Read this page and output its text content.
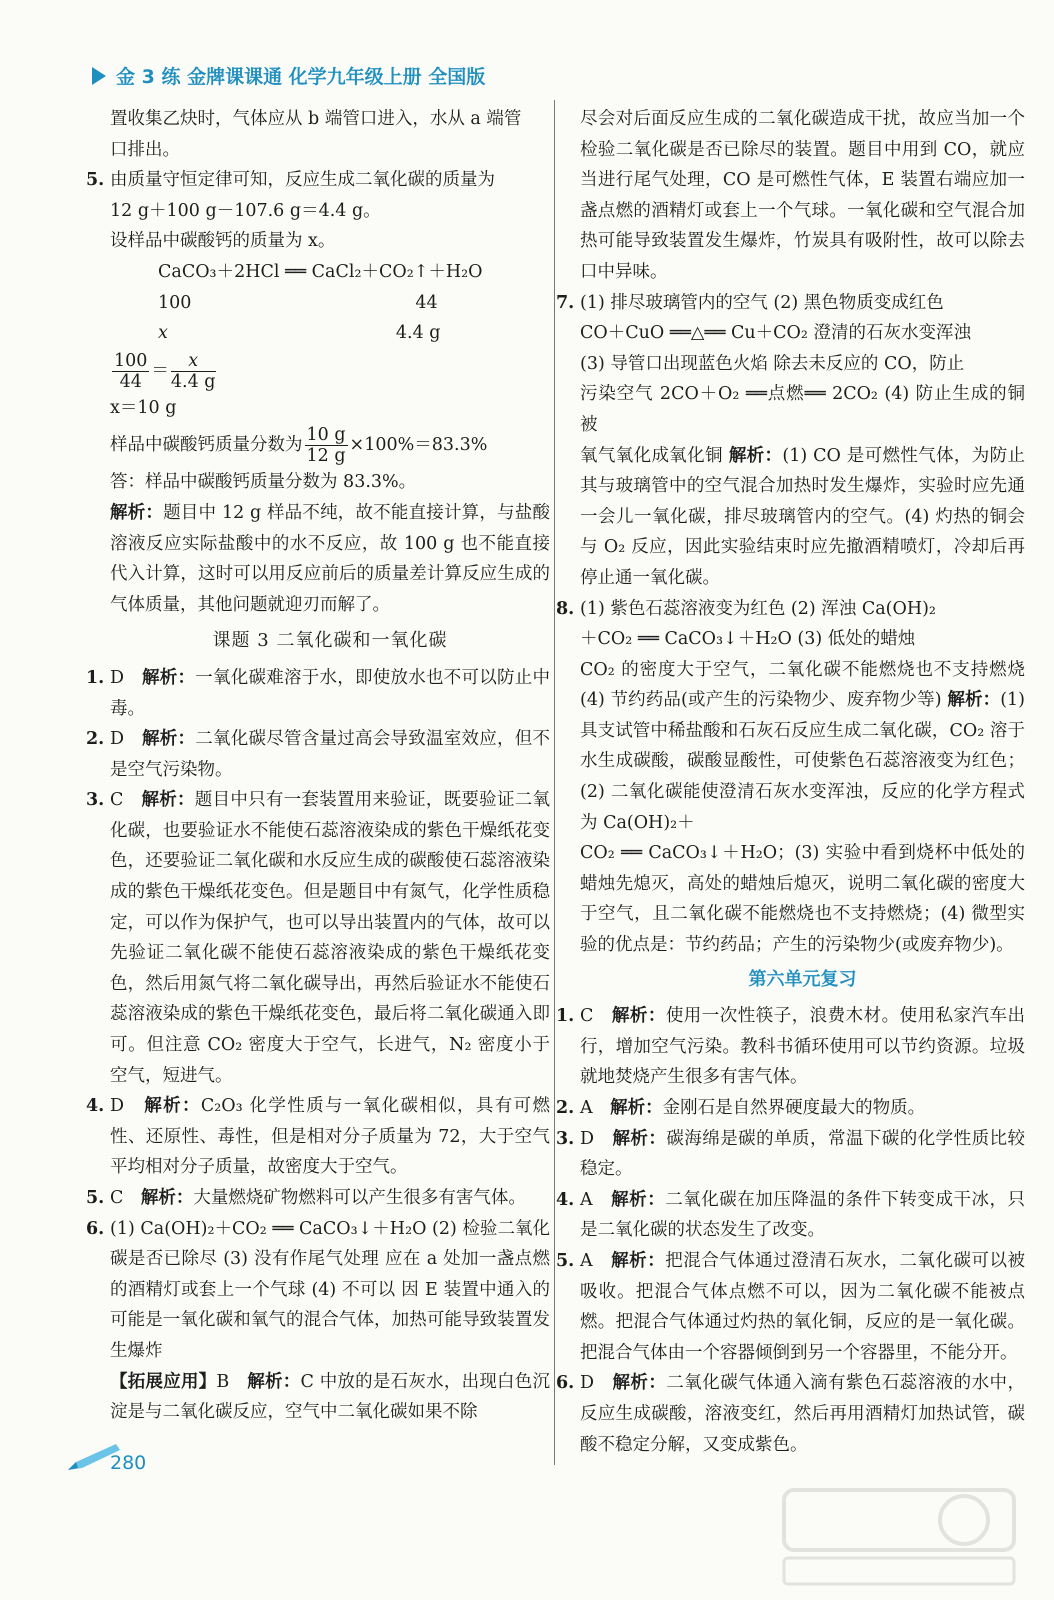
金 3 练 金牌课课通 化学九年级上册 全国版

置收集乙炔时，气体应从 b 端管口进入，水从 a 端管

口排出。

5. 由质量守恒定律可知，反应生成二氧化碳的质量为

12 g＋100 g－107.6 g＝4.4 g。

设样品中碳酸钙的质量为 x。

CaCO₃＋2HCl ══ CaCl₂＋CO₂↑＋H₂O

100	44

x	4.4 g

$\frac{100}{44} = \frac{x}{4.4 g}$

x＝10 g

样品中碳酸钙质量分数为 $\frac{10 g}{12 g} \times 100\%=83.3\%$

答：样品中碳酸钙质量分数为 83.3%。

解析：题目中 12 g 样品不纯，故不能直接计算，与盐酸溶液反应实际盐酸中的水不反应，故 100 g 也不能直接代入计算，这时可以用反应前后的质量差计算反应生成的气体质量，其他问题就迎刃而解了。

课题 3 二氧化碳和一氧化碳

1. D　 解析：一氧化碳难溶于水，即使放水也不可以防止中毒。

2. D　 解析：二氧化碳尽管含量过高会导致温室效应，但不是空气污染物。

3. C　 解析：题目中只有一套装置用来验证，既要验证二氧化碳，也要验证水不能使石蕊溶液染成的紫色干燥纸花变色，还要验证二氧化碳和水反应生成的碳酸使石蕊溶液染成的紫色干燥纸花变色。但是题目中有氮气，化学性质稳定，可以作为保护气，也可以导出装置内的气体，故可以先验证二氧化碳不能使石蕊溶液染成的紫色干燥纸花变色，然后用氮气将二氧化碳导出，再然后验证水不能使石蕊溶液染成的紫色干燥纸花变色，最后将二氧化碳通入即可。但注意 CO₂ 密度大于空气，长进气，N₂ 密度小于空气，短进气。

4. D　 解析：C₂O₃ 化学性质与一氧化碳相似，具有可燃性、还原性、毒性，但是相对分子质量为 72，大于空气平均相对分子质量，故密度大于空气。

5. C　 解析：大量燃烧矿物燃料可以产生很多有害气体。

6. (1) Ca(OH)₂＋CO₂ ══ CaCO₃↓＋H₂O (2) 检验二氧化碳是否已除尽 (3) 没有作尾气处理 应在 a 处加一盏点燃的酒精灯或套上一个气球 (4) 不可以 因 E 装置中通入的可能是一氧化碳和氧气的混合气体，加热可能导致装置发生爆炸

【拓展应用】B　 解析：C 中放的是石灰水，出现白色沉淀是与二氧化碳反应，空气中二氧化碳如果不除

尽会对后面反应生成的二氧化碳造成干扰，故应当加一个检验二氧化碳是否已除尽的装置。题目中用到 CO，就应当进行尾气处理，CO 是可燃性气体，E 装置右端应加一盏点燃的酒精灯或套上一个气球。一氧化碳和空气混合加热可能导致装置发生爆炸，竹炭具有吸附性，故可以除去口中异味。

7. (1) 排尽玻璃管内的空气 (2) 黑色物质变成红色

CO＋CuO ══△══ Cu＋CO₂ 澄清的石灰水变浑浊

(3) 导管口出现蓝色火焰 除去未反应的 CO，防止

污染空气 2CO＋O₂ ══点燃══ 2CO₂ (4) 防止生成的铜被

氧气氧化成氧化铜 解析：(1) CO 是可燃性气体，为防止其与玻璃管中的空气混合加热时发生爆炸，实验时应先通一会儿一氧化碳，排尽玻璃管内的空气。(4) 灼热的铜会与 O₂ 反应，因此实验结束时应先撤酒精喷灯，冷却后再停止通一氧化碳。

8. (1) 紫色石蕊溶液变为红色 (2) 浑浊 Ca(OH)₂

＋CO₂ ══ CaCO₃↓＋H₂O (3) 低处的蜡烛

CO₂ 的密度大于空气，二氧化碳不能燃烧也不支持燃烧 (4) 节约药品(或产生的污染物少、废弃物少等) 解析：(1) 具支试管中稀盐酸和石灰石反应生成二氧化碳，CO₂ 溶于水生成碳酸，碳酸显酸性，可使紫色石蕊溶液变为红色；(2) 二氧化碳能使澄清石灰水变浑浊，反应的化学方程式为 Ca(OH)₂＋

CO₂ ══ CaCO₃↓＋H₂O；(3) 实验中看到烧杯中低处的蜡烛先熄灭，高处的蜡烛后熄灭，说明二氧化碳的密度大于空气，且二氧化碳不能燃烧也不支持燃烧；(4) 微型实验的优点是：节约药品；产生的污染物少(或废弃物少)。

第六单元复习

1. C　 解析：使用一次性筷子，浪费木材。使用私家汽车出行，增加空气污染。教科书循环使用可以节约资源。垃圾就地焚烧产生很多有害气体。

2. A　 解析：金刚石是自然界硬度最大的物质。

3. D　 解析：碳海绵是碳的单质，常温下碳的化学性质比较稳定。

4. A　 解析：二氧化碳在加压降温的条件下转变成干冰，只是二氧化碳的状态发生了改变。

5. A　 解析：把混合气体通过澄清石灰水，二氧化碳可以被吸收。把混合气体点燃不可以，因为二氧化碳不能被点燃。把混合气体通过灼热的氧化铜，反应的是一氧化碳。把混合气体由一个容器倾倒到另一个容器里，不能分开。

6. D　 解析：二氧化碳气体通入滴有紫色石蕊溶液的水中，反应生成碳酸，溶液变红，然后再用酒精灯加热试管，碳酸不稳定分解，又变成紫色。

280
